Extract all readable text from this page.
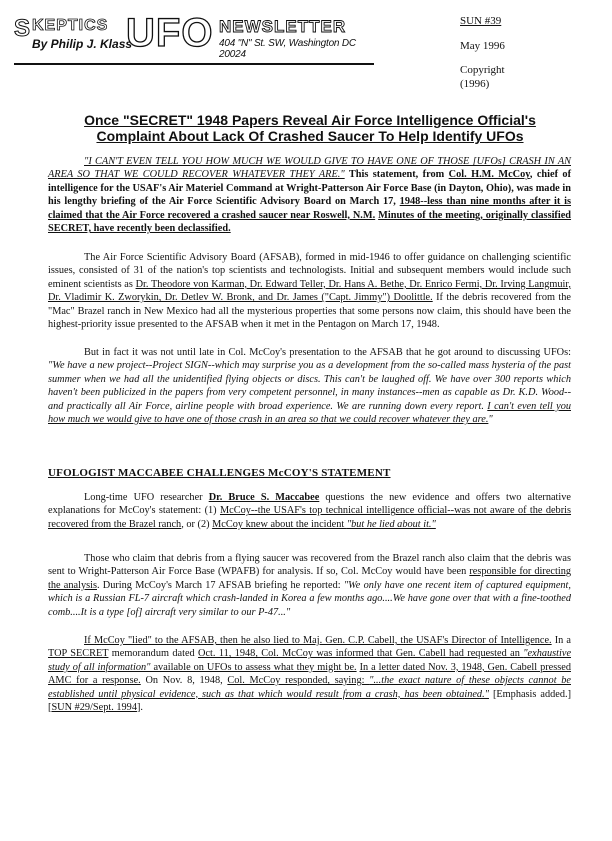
S KEPTICS
By Philip J. Klass
UFO NEWSLETTER
404 "N" St. SW, Washington DC 20024
SUN #39
May 1996
Copyright
(1996)
Once "SECRET" 1948 Papers Reveal Air Force Intelligence Official's
Complaint About Lack Of Crashed Saucer To Help Identify UFOs
"I CAN'T EVEN TELL YOU HOW MUCH WE WOULD GIVE TO HAVE ONE OF THOSE [UFOs] CRASH IN AN AREA SO THAT WE COULD RECOVER WHATEVER THEY ARE." This statement, from Col. H.M. McCoy, chief of intelligence for the USAF's Air Materiel Command at Wright-Patterson Air Force Base (in Dayton, Ohio), was made in his lengthy briefing of the Air Force Scientific Advisory Board on March 17, 1948--less than nine months after it is claimed that the Air Force recovered a crashed saucer near Roswell, N.M. Minutes of the meeting, originally classified SECRET, have recently been declassified.
The Air Force Scientific Advisory Board (AFSAB), formed in mid-1946 to offer guidance on challenging scientific issues, consisted of 31 of the nation's top scientists and technologists. Initial and subsequent members would include such eminent scientists as Dr. Theodore von Karman, Dr. Edward Teller, Dr. Hans A. Bethe, Dr. Enrico Fermi, Dr. Irving Langmuir, Dr. Vladimir K. Zworykin, Dr. Detlev W. Bronk, and Dr. James ("Capt. Jimmy") Doolittle. If the debris recovered from the "Mac" Brazel ranch in New Mexico had all the mysterious properties that some persons now claim, this should have been the highest-priority issue presented to the AFSAB when it met in the Pentagon on March 17, 1948.
But in fact it was not until late in Col. McCoy's presentation to the AFSAB that he got around to discussing UFOs: "We have a new project--Project SIGN--which may surprise you as a development from the so-called mass hysteria of the past summer when we had all the unidentified flying objects or discs. This can't be laughed off. We have over 300 reports which haven't been publicized in the papers from very competent personnel, in many instances--men as capable as Dr. K.D. Wood--and practically all Air Force, airline people with broad experience. We are running down every report. I can't even tell you how much we would give to have one of those crash in an area so that we could recover whatever they are."
UFOLOGIST MACCABEE CHALLENGES McCOY'S STATEMENT
Long-time UFO researcher Dr. Bruce S. Maccabee questions the new evidence and offers two alternative explanations for McCoy's statement: (1) McCoy--the USAF's top technical intelligence official--was not aware of the debris recovered from the Brazel ranch, or (2) McCoy knew about the incident "but he lied about it."
Those who claim that debris from a flying saucer was recovered from the Brazel ranch also claim that the debris was sent to Wright-Patterson Air Force Base (WPAFB) for analysis. If so, Col. McCoy would have been responsible for directing the analysis. During McCoy's March 17 AFSAB briefing he reported: "We only have one recent item of captured equipment, which is a Russian FL-7 aircraft which crash-landed in Korea a few months ago....We have gone over that with a fine-toothed comb....It is a type [of] aircraft very similar to our P-47..."
If McCoy "lied" to the AFSAB, then he also lied to Maj. Gen. C.P. Cabell, the USAF's Director of Intelligence. In a TOP SECRET memorandum dated Oct. 11, 1948, Col. McCoy was informed that Gen. Cabell had requested an "exhaustive study of all information" available on UFOs to assess what they might be. In a letter dated Nov. 3, 1948, Gen. Cabell pressed AMC for a response. On Nov. 8, 1948, Col. McCoy responded, saying: "...the exact nature of these objects cannot be established until physical evidence, such as that which would result from a crash, has been obtained." [Emphasis added.] [SUN #29/Sept. 1994].
